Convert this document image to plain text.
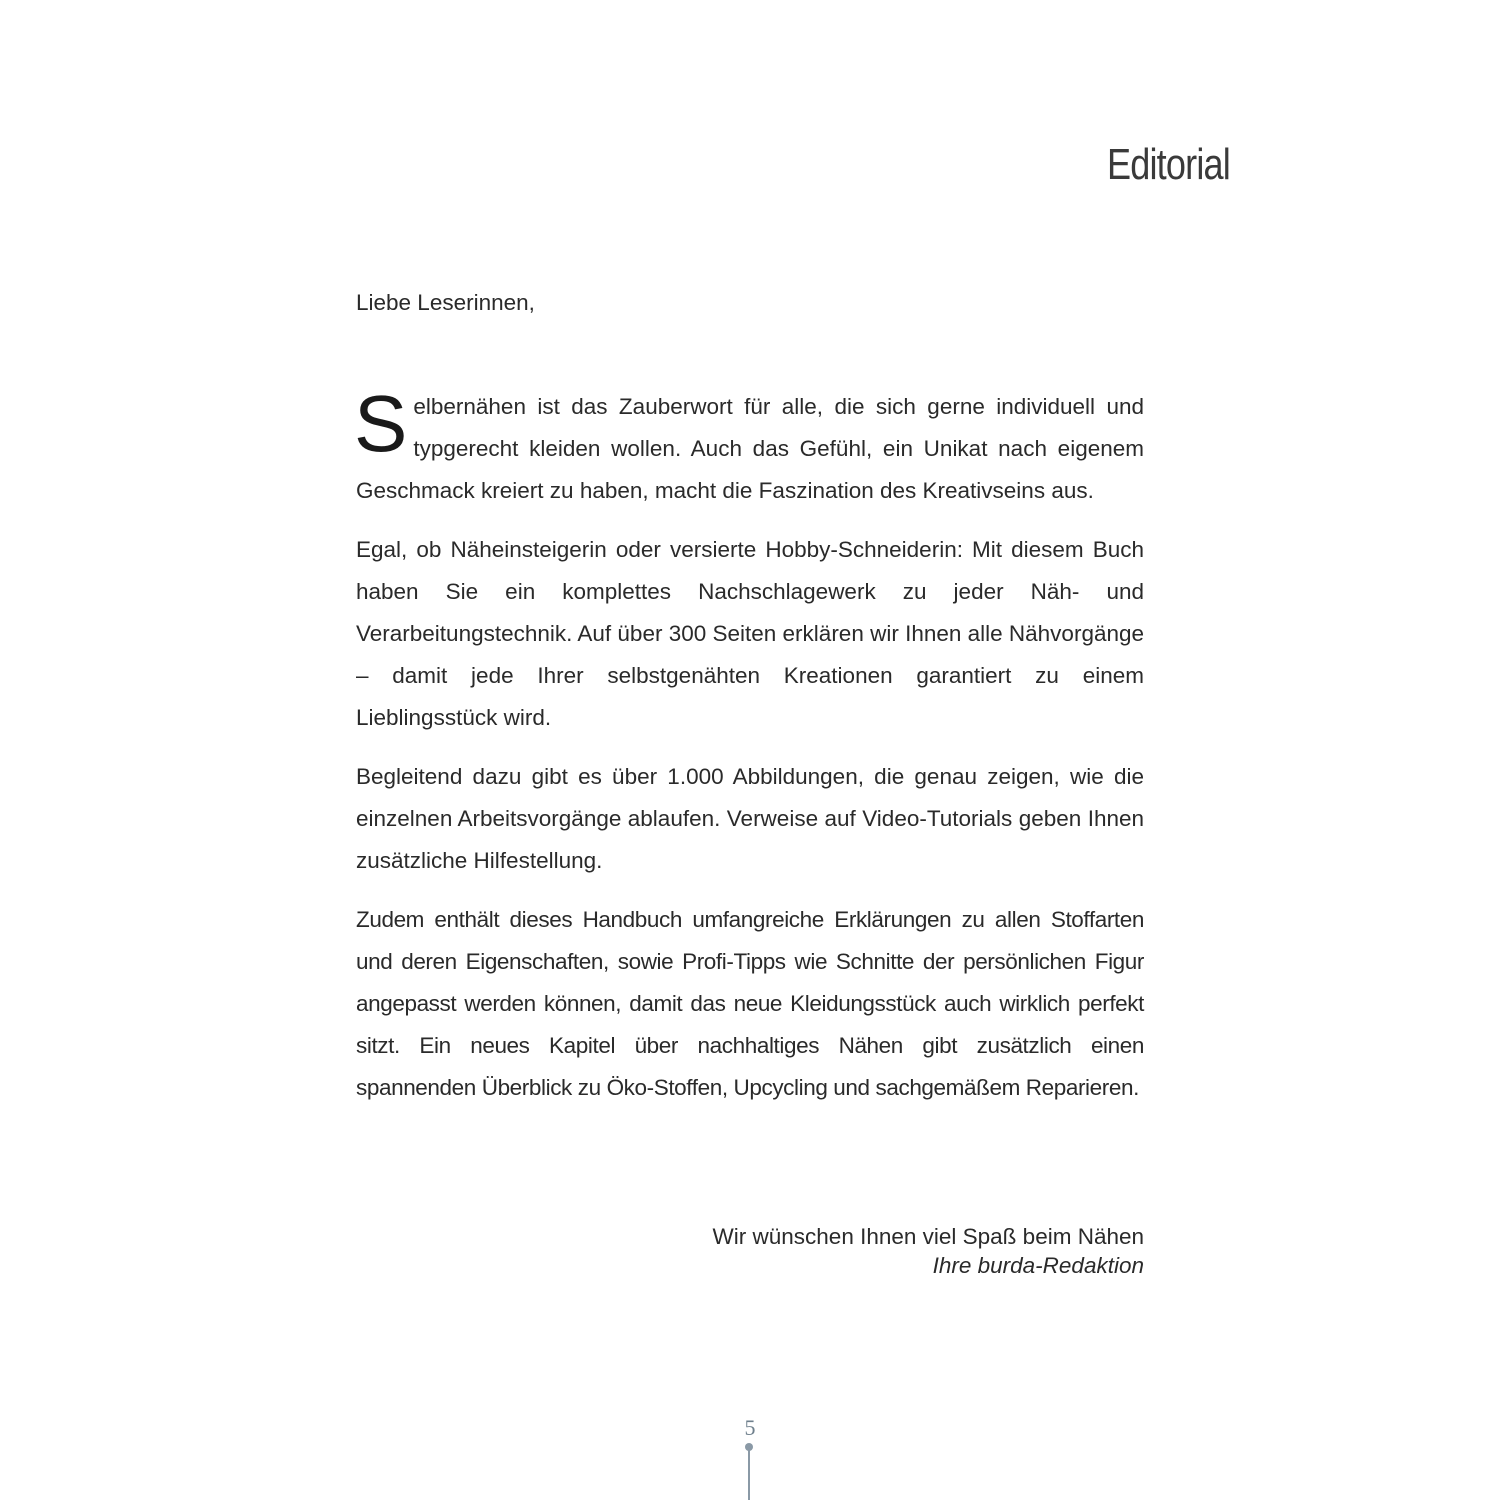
Editorial

Liebe Leserinnen,

Selbernähen ist das Zauberwort für alle, die sich gerne individuell und typgerecht kleiden wollen. Auch das Gefühl, ein Unikat nach eigenem Geschmack kreiert zu haben, macht die Faszination des Kreativseins aus.

Egal, ob Näheinsteigerin oder versierte Hobby-Schneiderin: Mit diesem Buch haben Sie ein komplettes Nachschlagewerk zu jeder Näh- und Verarbeitungstechnik. Auf über 300 Seiten erklären wir Ihnen alle Nähvorgänge – damit jede Ihrer selbstgenähten Kreationen garantiert zu einem Lieblingsstück wird.

Begleitend dazu gibt es über 1.000 Abbildungen, die genau zeigen, wie die einzelnen Arbeitsvorgänge ablaufen. Verweise auf Video-Tutorials geben Ihnen zusätzliche Hilfestellung.

Zudem enthält dieses Handbuch umfangreiche Erklärungen zu allen Stoffarten und deren Eigenschaften, sowie Profi-Tipps wie Schnitte der persönlichen Figur angepasst werden können, damit das neue Kleidungsstück auch wirklich perfekt sitzt. Ein neues Kapitel über nachhaltiges Nähen gibt zusätzlich einen spannenden Überblick zu Öko-Stoffen, Upcycling und sachgemäßem Reparieren.

Wir wünschen Ihnen viel Spaß beim Nähen
Ihre burda-Redaktion
5
